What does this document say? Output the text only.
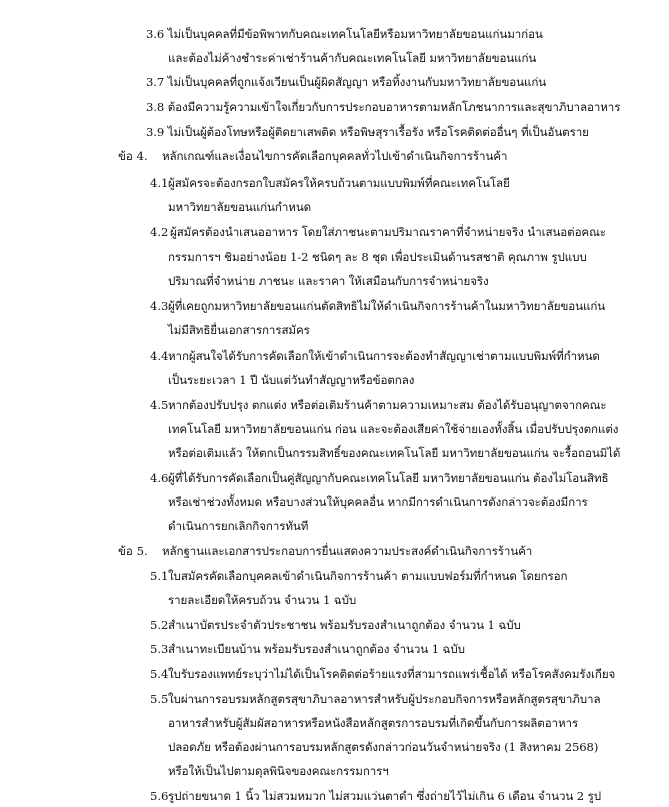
3.6 ไม่เป็นบุคคลที่มีข้อพิพาทกับคณะเทคโนโลยีหรือมหาวิทยาลัยขอนแก่นมาก่อน
และต้องไม่ค้างชำระค่าเช่าร้านค้ากับคณะเทคโนโลยี มหาวิทยาลัยขอนแก่น
3.7 ไม่เป็นบุคคลที่ถูกแจ้งเวียนเป็นผู้ผิดสัญญา หรือทิ้งงานกับมหาวิทยาลัยขอนแก่น
3.8 ต้องมีความรู้ความเข้าใจเกี่ยวกับการประกอบอาหารตามหลักโภชนาการและสุขาภิบาลอาหาร
3.9 ไม่เป็นผู้ต้องโทษหรือผู้ติดยาเสพติด หรือพิษสุราเรื้อรัง หรือโรคติดต่ออื่นๆ ที่เป็นอันตราย
ข้อ 4. หลักเกณฑ์และเงื่อนไขการคัดเลือกบุคคลทั่วไปเข้าดำเนินกิจการร้านค้า
4.1 ผู้สมัครจะต้องกรอกใบสมัครให้ครบถ้วนตามแบบพิมพ์ที่คณะเทคโนโลยี
มหาวิทยาลัยขอนแก่นกำหนด
4.2 ผู้สมัครต้องนำเสนออาหาร โดยใส่ภาชนะตามปริมาณราคาที่จำหน่ายจริง นำเสนอต่อคณะ
กรรมการฯ ชิมอย่างน้อย 1-2 ชนิดๆ ละ 8 ชุด เพื่อประเมินด้านรสชาติ คุณภาพ รูปแบบ
ปริมาณที่จำหน่าย ภาชนะ และราคา ให้เสมือนกับการจำหน่ายจริง
4.3 ผู้ที่เคยถูกมหาวิทยาลัยขอนแก่นตัดสิทธิไม่ให้ดำเนินกิจการร้านค้าในมหาวิทยาลัยขอนแก่น
ไม่มีสิทธิยื่นเอกสารการสมัคร
4.4 หากผู้สนใจได้รับการคัดเลือกให้เข้าดำเนินการจะต้องทำสัญญาเช่าตามแบบพิมพ์ที่กำหนด
เป็นระยะเวลา 1 ปี นับแต่วันทำสัญญาหรือข้อตกลง
4.5 หากต้องปรับปรุง ตกแต่ง หรือต่อเติมร้านค้าตามความเหมาะสม ต้องได้รับอนุญาตจากคณะ
เทคโนโลยี มหาวิทยาลัยขอนแก่น ก่อน และจะต้องเสียค่าใช้จ่ายเองทั้งสิ้น เมื่อปรับปรุงตกแต่ง
หรือต่อเติมแล้ว ให้ตกเป็นกรรมสิทธิ์ของคณะเทคโนโลยี มหาวิทยาลัยขอนแก่น จะรื้อถอนมิได้
4.6 ผู้ที่ได้รับการคัดเลือกเป็นคู่สัญญากับคณะเทคโนโลยี มหาวิทยาลัยขอนแก่น ต้องไม่โอนสิทธิ
หรือเช่าช่วงทั้งหมด หรือบางส่วนให้บุคคลอื่น หากมีการดำเนินการดังกล่าวจะต้องมีการ
ดำเนินการยกเลิกกิจการทันที
ข้อ 5. หลักฐานและเอกสารประกอบการยื่นแสดงความประสงค์ดำเนินกิจการร้านค้า
5.1 ใบสมัครคัดเลือกบุคคลเข้าดำเนินกิจการร้านค้า ตามแบบฟอร์มที่กำหนด โดยกรอก
รายละเอียดให้ครบถ้วน จำนวน 1 ฉบับ
5.2 สำเนาบัตรประจำตัวประชาชน พร้อมรับรองสำเนาถูกต้อง จำนวน 1 ฉบับ
5.3 สำเนาทะเบียนบ้าน พร้อมรับรองสำเนาถูกต้อง จำนวน 1 ฉบับ
5.4 ใบรับรองแพทย์ระบุว่าไม่ได้เป็นโรคติดต่อร้ายแรงที่สามารถแพร่เชื้อได้ หรือโรคสังคมรังเกียจ
5.5 ใบผ่านการอบรมหลักสูตรสุขาภิบาลอาหารสำหรับผู้ประกอบกิจการหรือหลักสูตรสุขาภิบาล
อาหารสำหรับผู้สัมผัสอาหารหรือหนังสือหลักสูตรการอบรมที่เกิดขึ้นกับการผลิตอาหาร
ปลอดภัย หรือต้องผ่านการอบรมหลักสูตรดังกล่าวก่อนวันจำหน่ายจริง (1 สิงหาคม 2568)
หรือให้เป็นไปตามดุลพินิจของคณะกรรมการฯ
5.6 รูปถ่ายขนาด 1 นิ้ว ไม่สวมหมวก ไม่สวมแว่นตาดำ ซึ่งถ่ายไว้ไม่เกิน 6 เดือน จำนวน 2 รูป
